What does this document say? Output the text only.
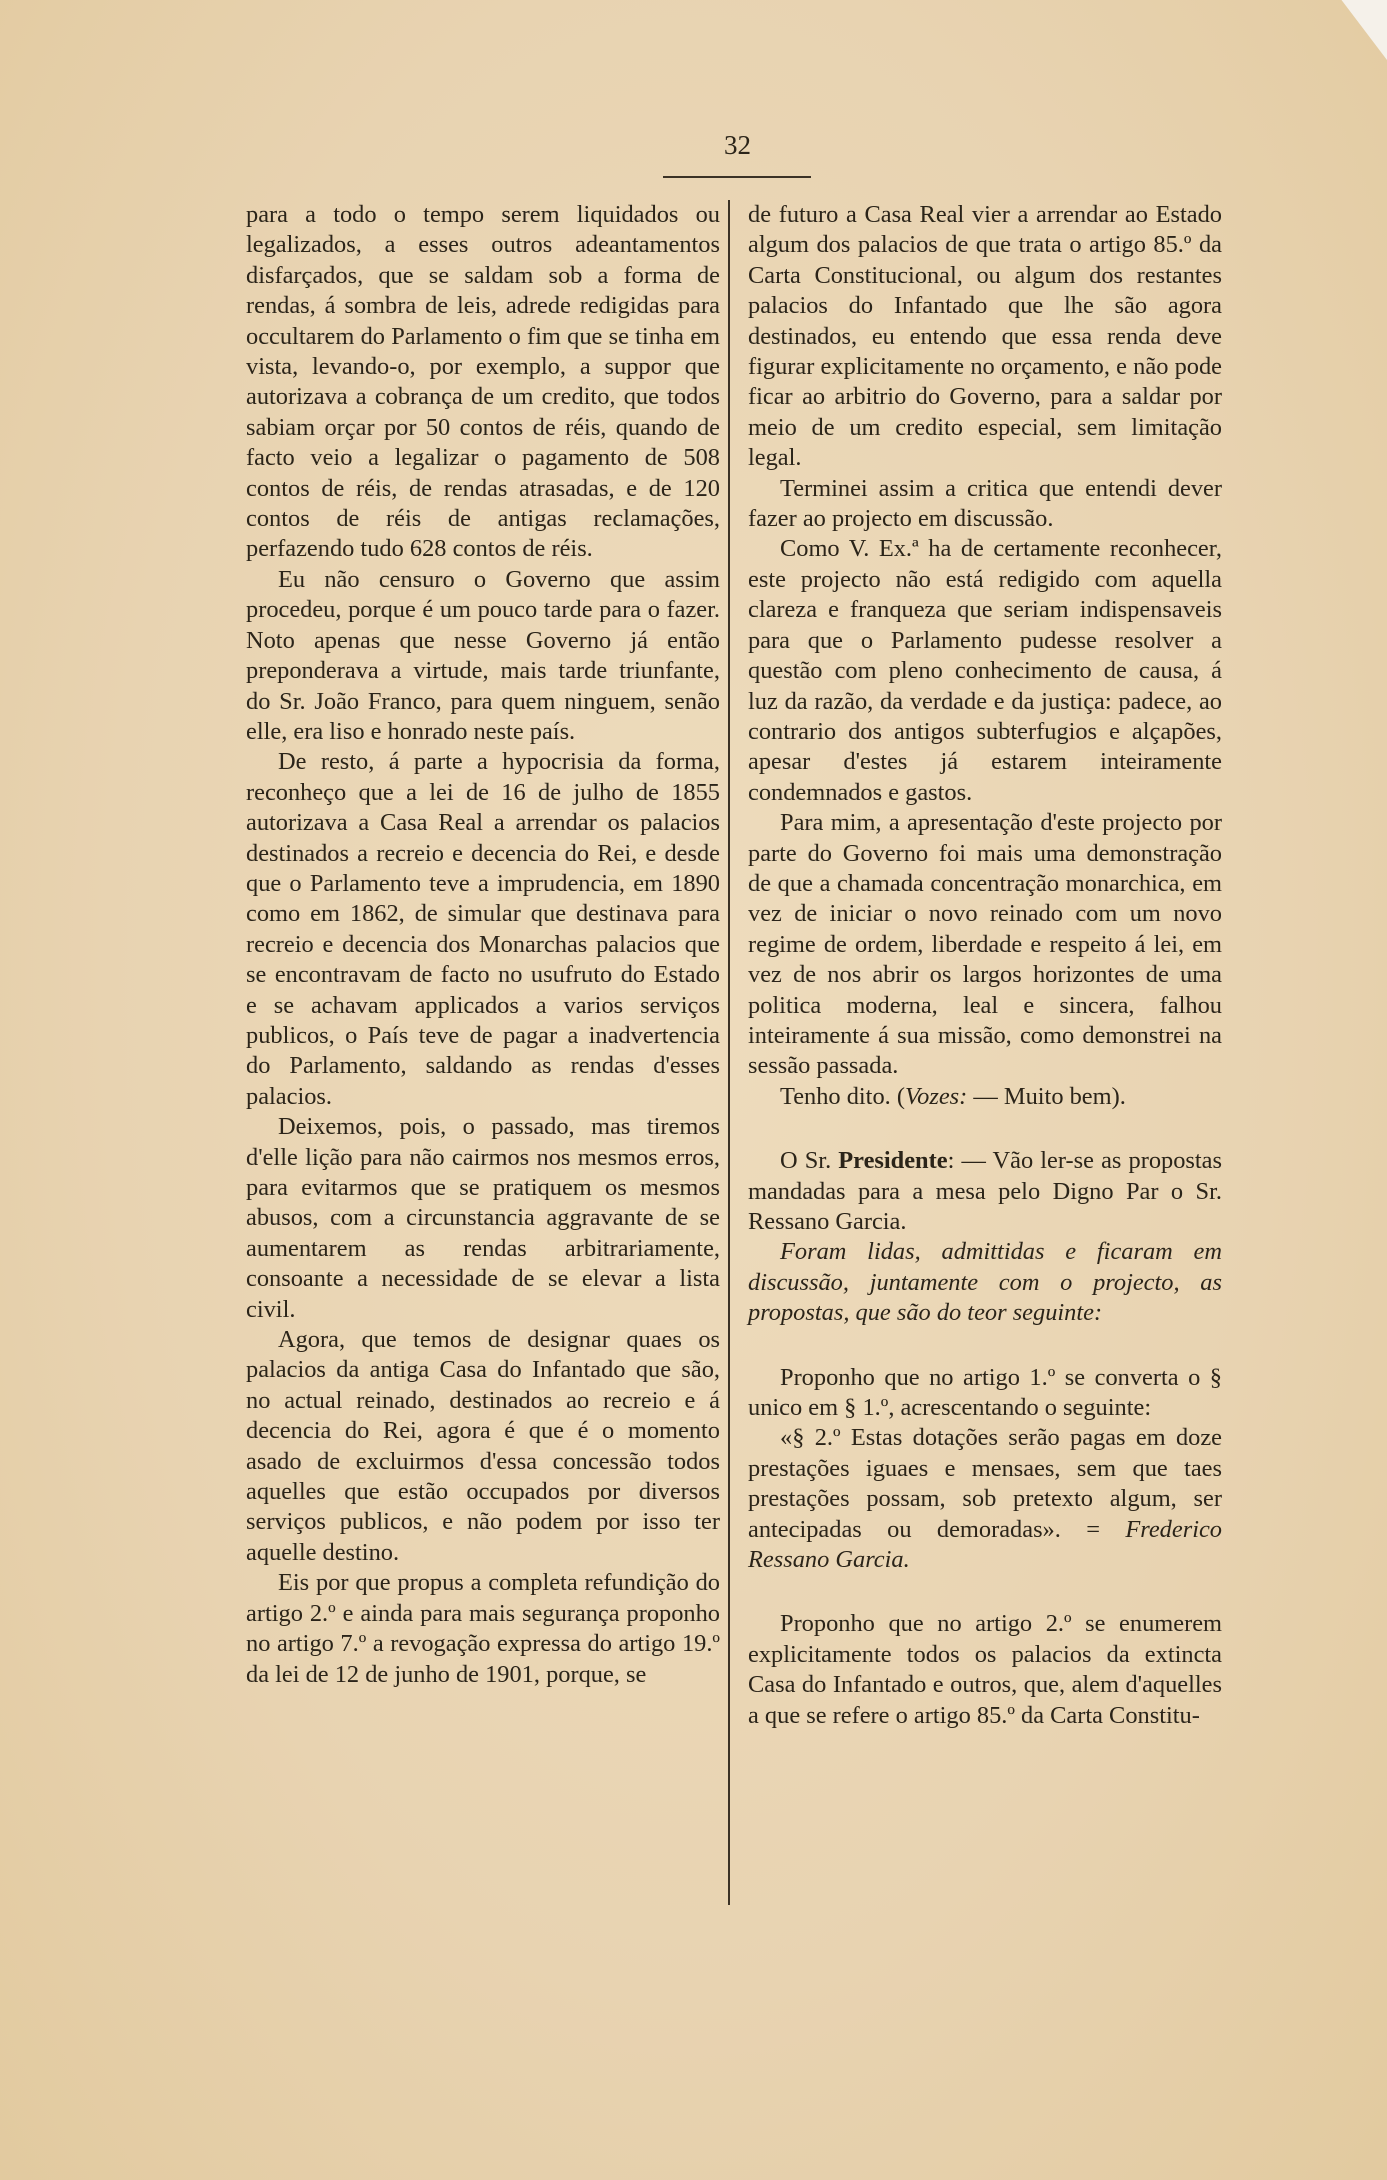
32

para a todo o tempo serem liquidados ou legalizados, a esses outros adeantamentos disfarçados, que se saldam sob a forma de rendas, á sombra de leis, adrede redigidas para occultarem do Parlamento o fim que se tinha em vista, levando-o, por exemplo, a suppor que autorizava a cobrança de um credito, que todos sabiam orçar por 50 contos de réis, quando de facto veio a legalizar o pagamento de 508 contos de réis, de rendas atrasadas, e de 120 contos de réis de antigas reclamações, perfazendo tudo 628 contos de réis.

Eu não censuro o Governo que assim procedeu, porque é um pouco tarde para o fazer. Noto apenas que nesse Governo já então preponderava a virtude, mais tarde triunfante, do Sr. João Franco, para quem ninguem, senão elle, era liso e honrado neste país.

De resto, á parte a hypocrisia da forma, reconheço que a lei de 16 de julho de 1855 autorizava a Casa Real a arrendar os palacios destinados a recreio e decencia do Rei, e desde que o Parlamento teve a imprudencia, em 1890 como em 1862, de simular que destinava para recreio e decencia dos Monarchas palacios que se encontravam de facto no usufruto do Estado e se achavam applicados a varios serviços publicos, o País teve de pagar a inadvertencia do Parlamento, saldando as rendas d'esses palacios.

Deixemos, pois, o passado, mas tiremos d'elle lição para não cairmos nos mesmos erros, para evitarmos que se pratiquem os mesmos abusos, com a circunstancia aggravante de se aumentarem as rendas arbitrariamente, consoante a necessidade de se elevar a lista civil.

Agora, que temos de designar quaes os palacios da antiga Casa do Infantado que são, no actual reinado, destinados ao recreio e á decencia do Rei, agora é que é o momento asado de excluirmos d'essa concessão todos aquelles que estão occupados por diversos serviços publicos, e não podem por isso ter aquelle destino.

Eis por que propus a completa refundição do artigo 2.º e ainda para mais segurança proponho no artigo 7.º a revogação expressa do artigo 19.º da lei de 12 de junho de 1901, porque, se

de futuro a Casa Real vier a arrendar ao Estado algum dos palacios de que trata o artigo 85.º da Carta Constitucional, ou algum dos restantes palacios do Infantado que lhe são agora destinados, eu entendo que essa renda deve figurar explicitamente no orçamento, e não pode ficar ao arbitrio do Governo, para a saldar por meio de um credito especial, sem limitação legal.

Terminei assim a critica que entendi dever fazer ao projecto em discussão.

Como V. Ex.ª ha de certamente reconhecer, este projecto não está redigido com aquella clareza e franqueza que seriam indispensaveis para que o Parlamento pudesse resolver a questão com pleno conhecimento de causa, á luz da razão, da verdade e da justiça: padece, ao contrario dos antigos subterfugios e alçapões, apesar d'estes já estarem inteiramente condemnados e gastos.

Para mim, a apresentação d'este projecto por parte do Governo foi mais uma demonstração de que a chamada concentração monarchica, em vez de iniciar o novo reinado com um novo regime de ordem, liberdade e respeito á lei, em vez de nos abrir os largos horizontes de uma politica moderna, leal e sincera, falhou inteiramente á sua missão, como demonstrei na sessão passada.

Tenho dito. (Vozes: — Muito bem).

O Sr. Presidente: — Vão ler-se as propostas mandadas para a mesa pelo Digno Par o Sr. Ressano Garcia.

Foram lidas, admittidas e ficaram em discussão, juntamente com o projecto, as propostas, que são do teor seguinte:

Proponho que no artigo 1.º se converta o § unico em § 1.º, acrescentando o seguinte:

«§ 2.º Estas dotações serão pagas em doze prestações iguaes e mensaes, sem que taes prestações possam, sob pretexto algum, ser antecipadas ou demoradas». = Frederico Ressano Garcia.

Proponho que no artigo 2.º se enumerem explicitamente todos os palacios da extincta Casa do Infantado e outros, que, alem d'aquelles a que se refere o artigo 85.º da Carta Constitu-
